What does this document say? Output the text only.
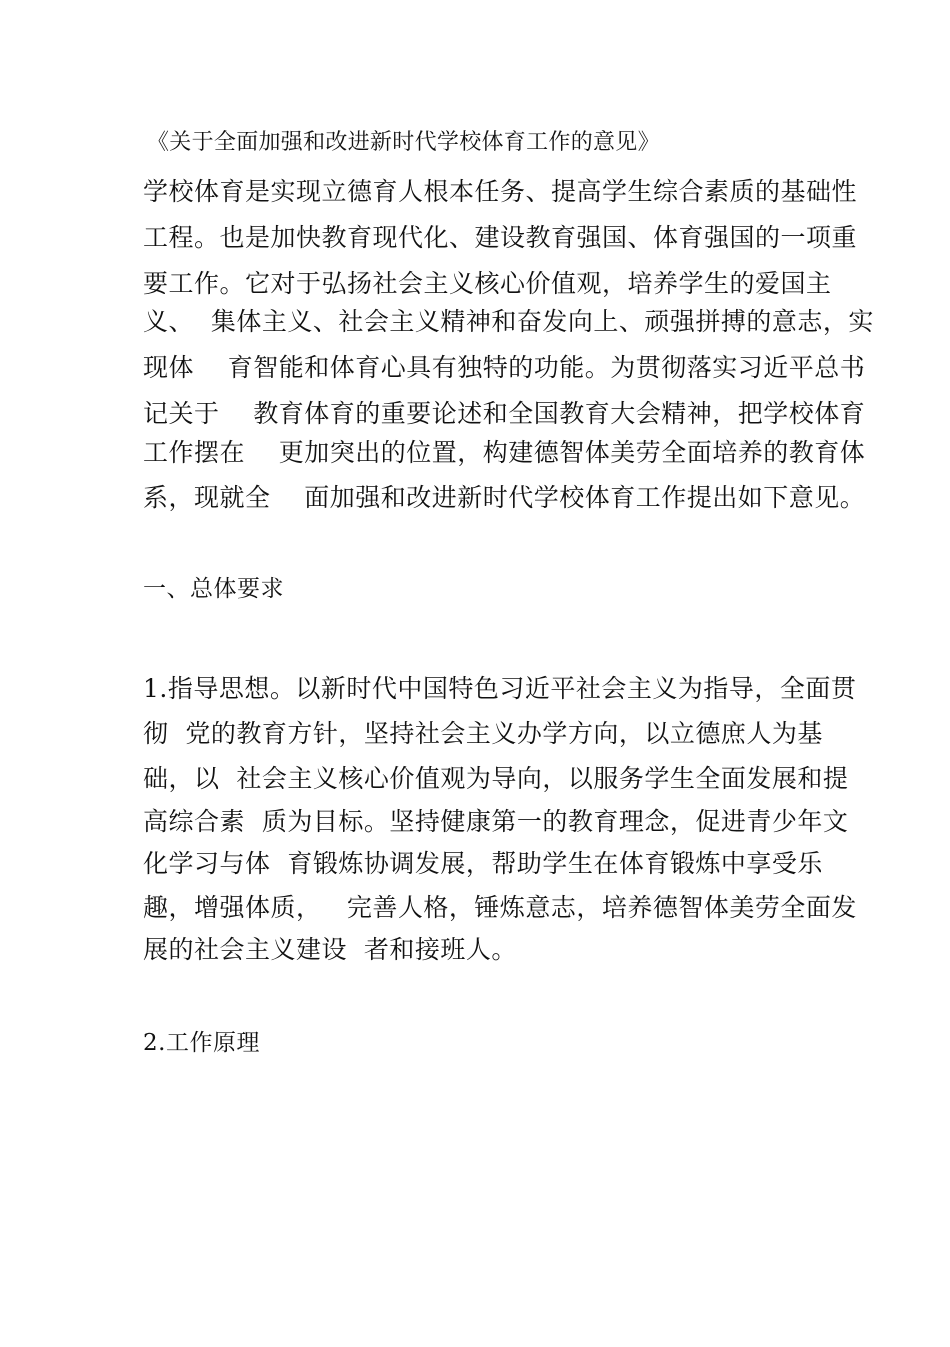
《关于全面加强和改进新时代学校体育工作的意见》
学校体育是实现立德育人根本任务、提高学生综合素质的基础性
工程。也是加快教育现代化、建设教育强国、体育强国的一项重
要工作。它对于弘扬社会主义核心价值观，培养学生的爱国主
义、  集体主义、社会主义精神和奋发向上、顽强拼搏的意志，实
现体    育智能和体育心具有独特的功能。为贯彻落实习近平总书
记关于    教育体育的重要论述和全国教育大会精神，把学校体育
工作摆在    更加突出的位置，构建德智体美劳全面培养的教育体
系，现就全    面加强和改进新时代学校体育工作提出如下意见。
一、总体要求
1.指导思想。以新时代中国特色习近平社会主义为指导，全面贯
彻  党的教育方针，坚持社会主义办学方向，以立德庶人为基
础，以  社会主义核心价值观为导向，以服务学生全面发展和提
高综合素  质为目标。坚持健康第一的教育理念，促进青少年文
化学习与体  育锻炼协调发展，帮助学生在体育锻炼中享受乐
趣，增强体质，   完善人格，锤炼意志，培养德智体美劳全面发
展的社会主义建设  者和接班人。
2.工作原理
